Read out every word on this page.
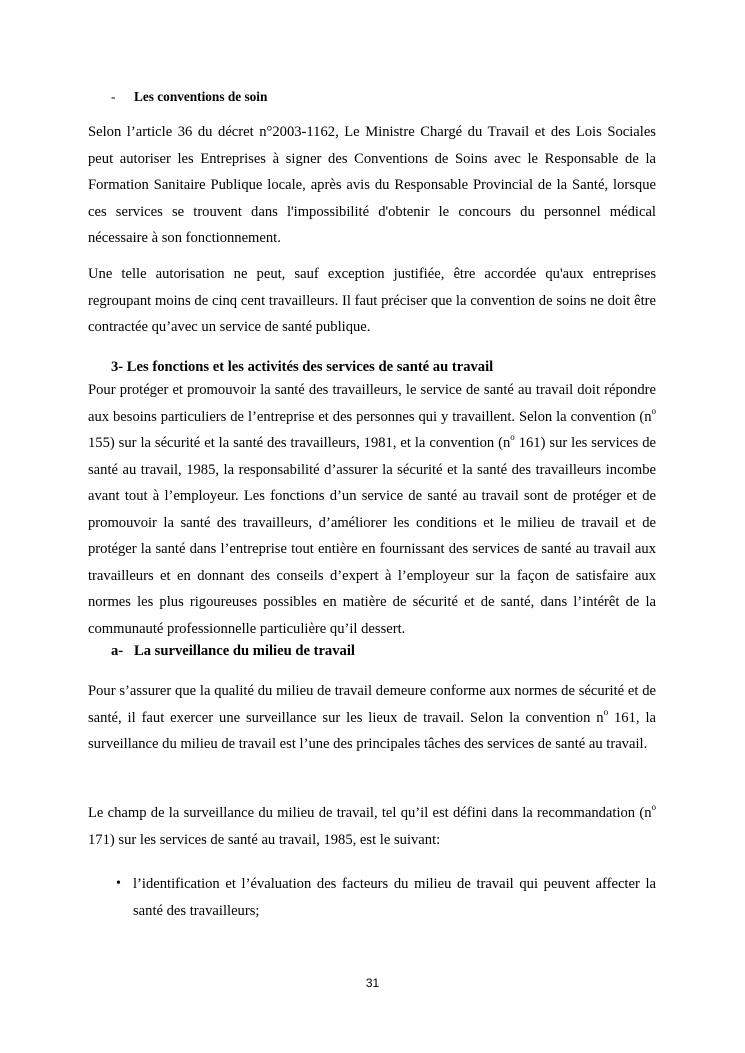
-	Les conventions de soin

Selon l’article 36 du décret n°2003-1162, Le Ministre Chargé du Travail et des Lois Sociales peut autoriser les Entreprises à signer des Conventions de Soins avec le Responsable de la Formation Sanitaire Publique locale, après avis du Responsable Provincial de la Santé, lorsque ces services se trouvent dans l'impossibilité d'obtenir le concours du personnel médical nécessaire à son fonctionnement.

Une telle autorisation ne peut, sauf exception justifiée, être accordée qu'aux entreprises regroupant moins de cinq cent travailleurs. Il faut préciser que la convention de soins ne doit être contractée qu’avec un service de santé publique.

3- Les fonctions et les activités des services de santé au travail

Pour protéger et promouvoir la santé des travailleurs, le service de santé au travail doit répondre aux besoins particuliers de l’entreprise et des personnes qui y travaillent. Selon la convention ($n^o$ 155) sur la sécurité et la santé des travailleurs, 1981, et la convention ($n^o$ 161) sur les services de santé au travail, 1985, la responsabilité d’assurer la sécurité et la santé des travailleurs incombe avant tout à l’employeur. Les fonctions d’un service de santé au travail sont de protéger et de promouvoir la santé des travailleurs, d’améliorer les conditions et le milieu de travail et de protéger la santé dans l’entreprise tout entière en fournissant des services de santé au travail aux travailleurs et en donnant des conseils d’expert à l’employeur sur la façon de satisfaire aux normes les plus rigoureuses possibles en matière de sécurité et de santé, dans l’intérêt de la communauté professionnelle particulière qu’il dessert.

a- La surveillance du milieu de travail

Pour s’assurer que la qualité du milieu de travail demeure conforme aux normes de sécurité et de santé, il faut exercer une surveillance sur les lieux de travail. Selon la convention $n^o$ 161, la surveillance du milieu de travail est l’une des principales tâches des services de santé au travail.

Le champ de la surveillance du milieu de travail, tel qu’il est défini dans la recommandation ($n^o$ 171) sur les services de santé au travail, 1985, est le suivant:

• l’identification et l’évaluation des facteurs du milieu de travail qui peuvent affecter la santé des travailleurs;

31
